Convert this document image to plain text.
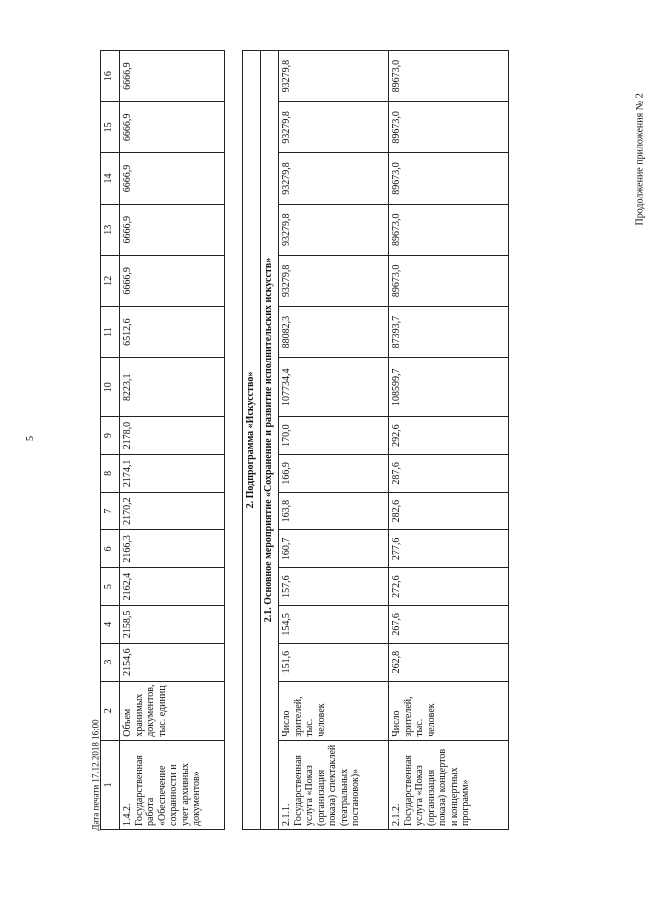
5
Продолжение приложения № 2
Дата печати 17.12.2018 16:00 1	2	3	4	5	6	7	8	9	10	11	12	13	14	15	16
1.4.2. Государственная работа «Обеспечение сохранности и учет архивных документов»	Объем хранимых документов, тыс. единиц	2154,6	2158,5	2162,4	2166,3	2170,2	2174,1	2178,0	8223,1	6512,6	6666,9	6666,9	6666,9	6666,9	6666,9

2. Подпрограмма «Искусство»															
2.1. Основное мероприятие «Сохранение и развитие исполнительских искусств»															
2.1.1. Государственная услуга «Показ (организация показа) спектаклей (театральных постановок)»	Число зрителей, тыс. человек	151,6	154,5	157,6	160,7	163,8	166,9	170,0	107734,4	88082,3	93279,8	93279,8	93279,8	93279,8	93279,8
2.1.2. Государственная услуга «Показ (организация показа) концертов и концертных программ»	Число зрителей, тыс. человек	262,8	267,6	272,6	277,6	282,6	287,6	292,6	108599,7	87393,7	89673,0	89673,0	89673,0	89673,0	89673,0
